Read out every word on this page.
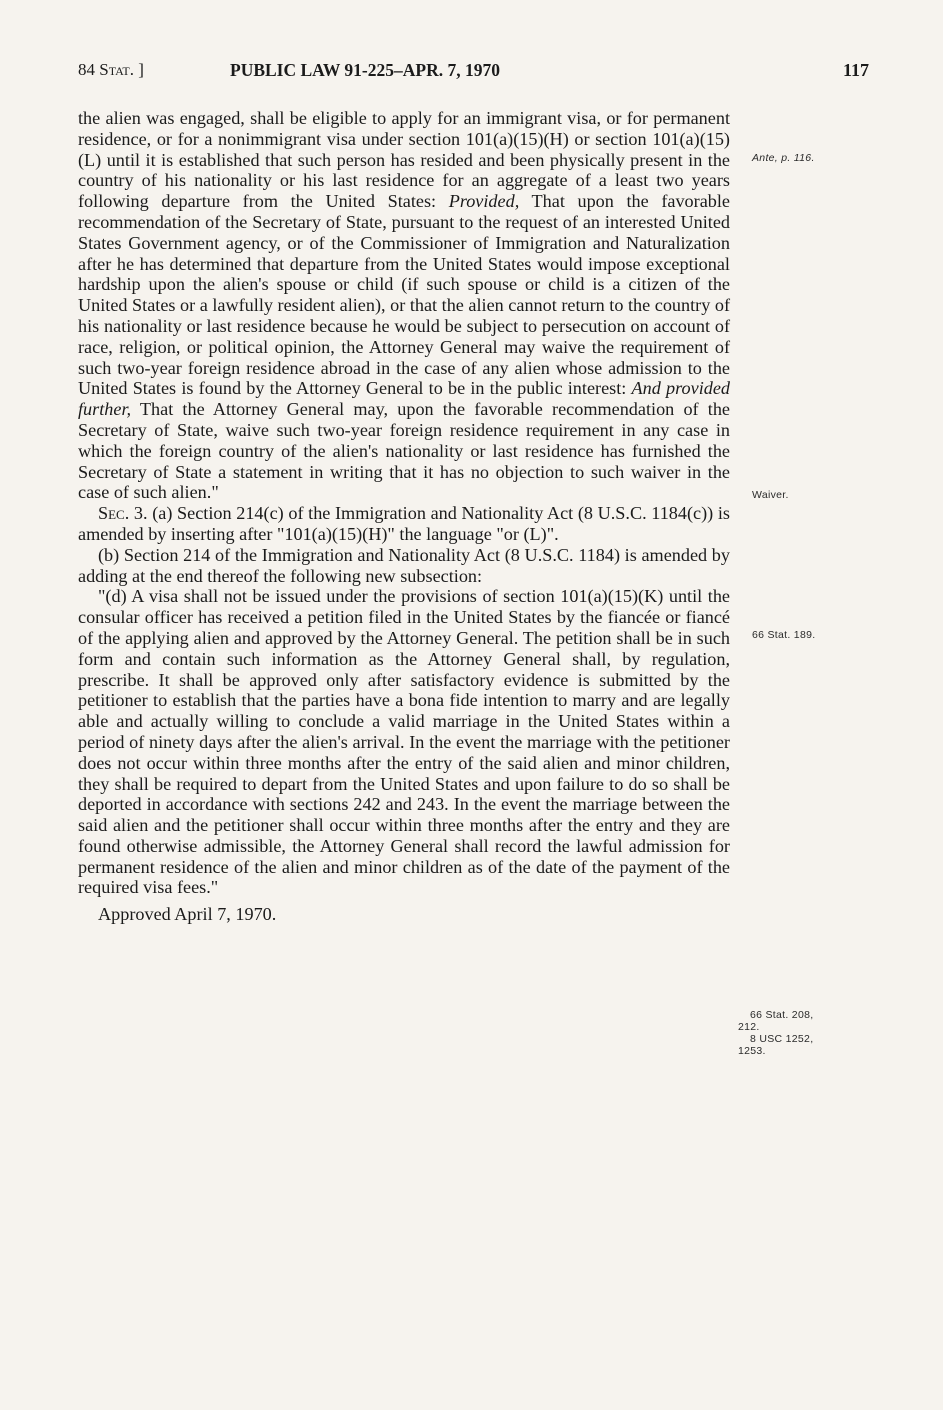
84 Stat. ]	PUBLIC LAW 91-225–APR. 7, 1970	117

the alien was engaged, shall be eligible to apply for an immigrant visa, or for permanent residence, or for a nonimmigrant visa under section 101(a)(15)(H) or section 101(a)(15)(L) until it is established that such person has resided and been physically present in the country of his nationality or his last residence for an aggregate of a least two years following departure from the United States: Provided, That upon the favorable recommendation of the Secretary of State, pursuant to the request of an interested United States Government agency, or of the Commissioner of Immigration and Naturalization after he has determined that departure from the United States would impose exceptional hardship upon the alien's spouse or child (if such spouse or child is a citizen of the United States or a lawfully resident alien), or that the alien cannot return to the country of his nationality or last residence because he would be subject to persecution on account of race, religion, or political opinion, the Attorney General may waive the requirement of such two-year foreign residence abroad in the case of any alien whose admission to the United States is found by the Attorney General to be in the public interest: And provided further, That the Attorney General may, upon the favorable recommendation of the Secretary of State, waive such two-year foreign residence requirement in any case in which the foreign country of the alien's nationality or last residence has furnished the Secretary of State a statement in writing that it has no objection to such waiver in the case of such alien."

Sec. 3. (a) Section 214(c) of the Immigration and Nationality Act (8 U.S.C. 1184(c)) is amended by inserting after "101(a)(15)(H)" the language "or (L)".

(b) Section 214 of the Immigration and Nationality Act (8 U.S.C. 1184) is amended by adding at the end thereof the following new subsection:

"(d) A visa shall not be issued under the provisions of section 101(a)(15)(K) until the consular officer has received a petition filed in the United States by the fiancée or fiancé of the applying alien and approved by the Attorney General. The petition shall be in such form and contain such information as the Attorney General shall, by regulation, prescribe. It shall be approved only after satisfactory evidence is submitted by the petitioner to establish that the parties have a bona fide intention to marry and are legally able and actually willing to conclude a valid marriage in the United States within a period of ninety days after the alien's arrival. In the event the marriage with the petitioner does not occur within three months after the entry of the said alien and minor children, they shall be required to depart from the United States and upon failure to do so shall be deported in accordance with sections 242 and 243. In the event the marriage between the said alien and the petitioner shall occur within three months after the entry and they are found otherwise admissible, the Attorney General shall record the lawful admission for permanent residence of the alien and minor children as of the date of the payment of the required visa fees."

Approved April 7, 1970.

Ante, p. 116.
Waiver.
66 Stat. 189.
66 Stat. 208,
212.
8 USC 1252,
1253.
